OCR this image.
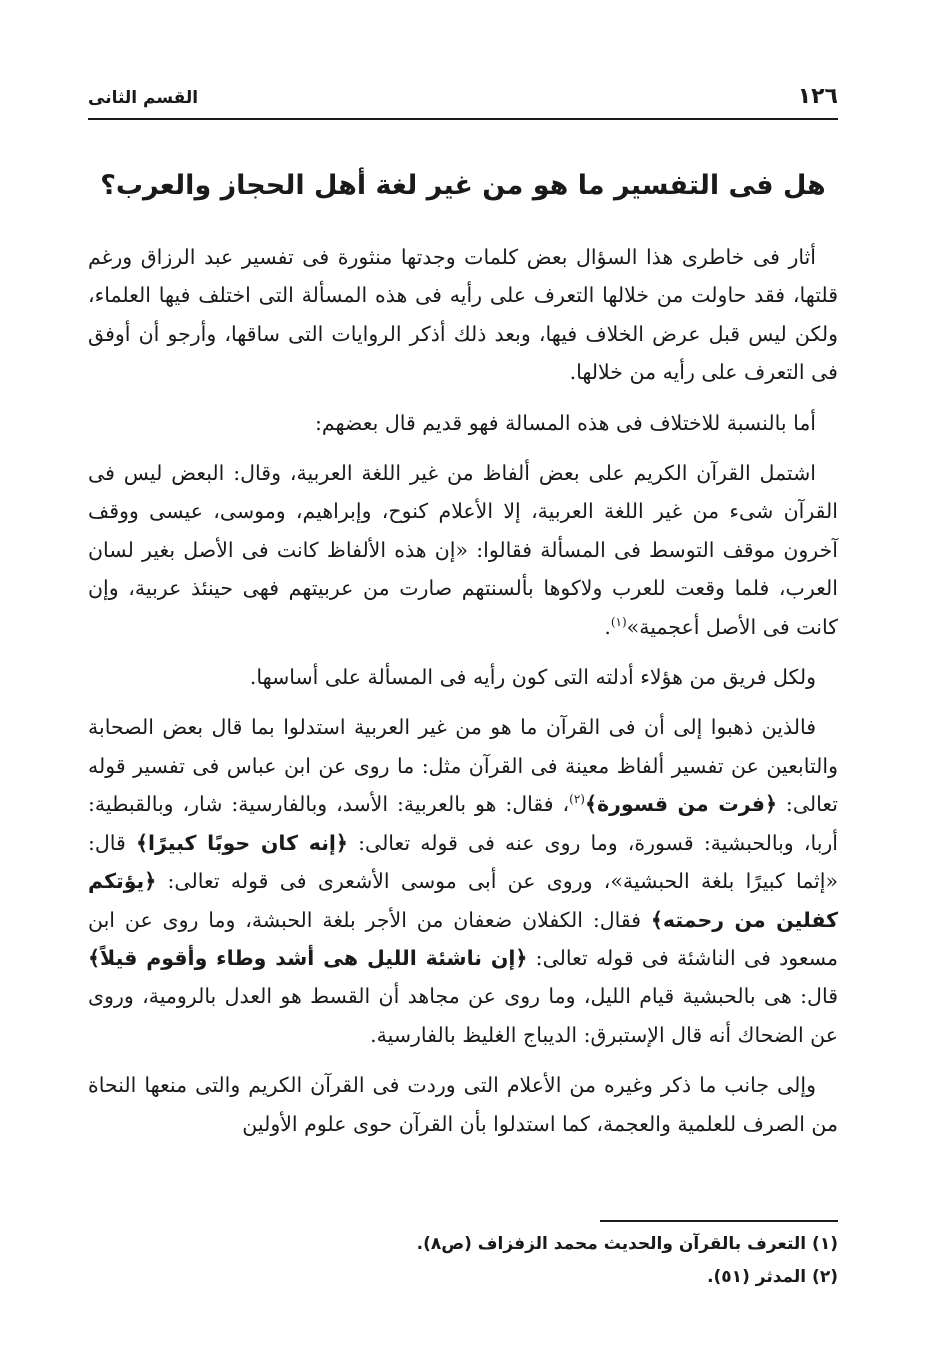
١٢٦
القسم الثانى
هل فى التفسير ما هو من غير لغة أهل الحجاز والعرب؟

أثار فى خاطرى هذا السؤال بعض كلمات وجدتها منثورة فى تفسير عبد الرزاق ورغم قلتها، فقد حاولت من خلالها التعرف على رأيه فى هذه المسألة التى اختلف فيها العلماء، ولكن ليس قبل عرض الخلاف فيها، وبعد ذلك أذكر الروايات التى ساقها، وأرجو أن أوفق فى التعرف على رأيه من خلالها.

أما بالنسبة للاختلاف فى هذه المسالة فهو قديم قال بعضهم:

اشتمل القرآن الكريم على بعض ألفاظ من غير اللغة العربية، وقال: البعض ليس فى القرآن شىء من غير اللغة العربية، إلا الأعلام كنوح، وإبراهيم، وموسى، عيسى ووقف آخرون موقف التوسط فى المسألة فقالوا: «إن هذه الألفاظ كانت فى الأصل بغير لسان العرب، فلما وقعت للعرب ولاكوها بألسنتهم صارت من عربيتهم فهى حينئذ عربية، وإن كانت فى الأصل أعجمية»$^{(١)}$.

ولكل فريق من هؤلاء أدلته التى كون رأيه فى المسألة على أساسها.

فالذين ذهبوا إلى أن فى القرآن ما هو من غير العربية استدلوا بما قال بعض الصحابة والتابعين عن تفسير ألفاظ معينة فى القرآن مثل: ما روى عن ابن عباس فى تفسير قوله تعالى: ﴿فرت من قسورة﴾$^{(٢)}$، فقال: هو بالعربية: الأسد، وبالفارسية: شار، وبالقبطية: أربا، وبالحبشية: قسورة، وما روى عنه فى قوله تعالى: ﴿إنه كان حوبًا كبيرًا﴾ قال: «إثما كبيرًا بلغة الحبشية»، وروى عن أبى موسى الأشعرى فى قوله تعالى: ﴿يؤتكم كفلين من رحمته﴾ فقال: الكفلان ضعفان من الأجر بلغة الحبشة، وما روى عن ابن مسعود فى الناشئة فى قوله تعالى: ﴿إن ناشئة الليل هى أشد وطاء وأقوم قيلاً﴾ قال: هى بالحبشية قيام الليل، وما روى عن مجاهد أن القسط هو العدل بالرومية، وروى عن الضحاك أنه قال الإستبرق: الديباج الغليظ بالفارسية.

وإلى جانب ما ذكر وغيره من الأعلام التى وردت فى القرآن الكريم والتى منعها النحاة من الصرف للعلمية والعجمة، كما استدلوا بأن القرآن حوى علوم الأولين

(١) التعرف بالقرآن والحديث محمد الزفزاف (ص٨).
(٢) المدثر (٥١).
